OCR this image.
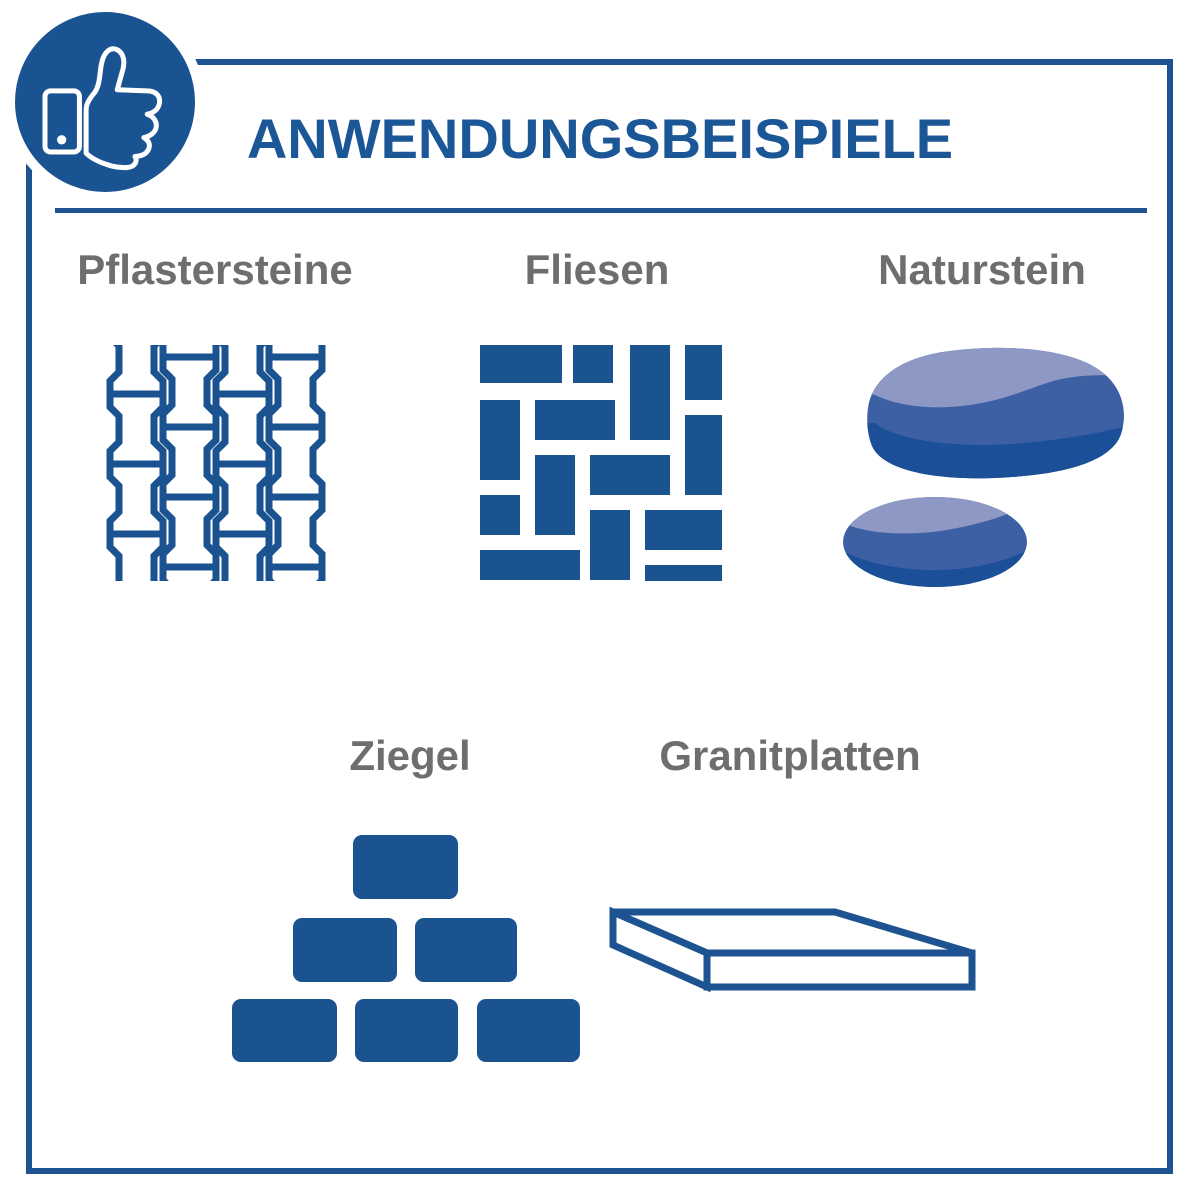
ANWENDUNGSBEISPIELE
Pflastersteine	Fliesen	Naturstein
Ziegel	Granitplatten
